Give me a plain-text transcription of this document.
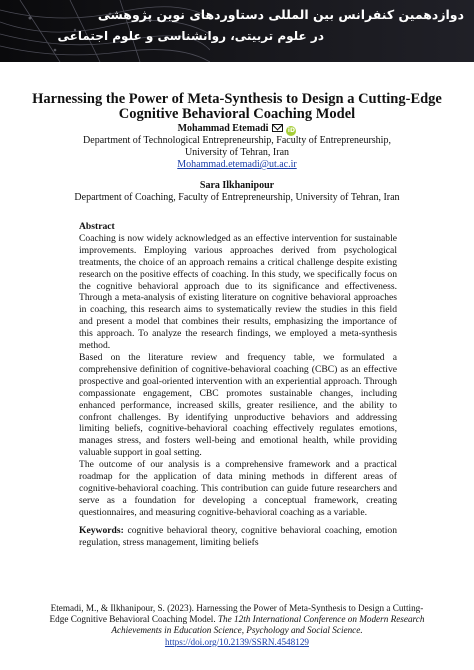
دوازدهمین کنفرانس بین المللی دستاوردهای نوین پژوهشی
در علوم تربیتی، روانشناسی و علوم اجتماعی
Harnessing the Power of Meta-Synthesis to Design a Cutting-Edge Cognitive Behavioral Coaching Model
Mohammad Etemadi	iD
Department of Technological Entrepreneurship, Faculty of Entrepreneurship,
University of Tehran, Iran
Mohammad.etemadi@ut.ac.ir
Sara Ilkhanipour
Department of Coaching, Faculty of Entrepreneurship, University of Tehran, Iran

Abstract

Coaching is now widely acknowledged as an effective intervention for sustainable improvements. Employing various approaches derived from psychological treatments, the choice of an approach remains a critical challenge despite existing research on the positive effects of coaching. In this study, we specifically focus on the cognitive behavioral approach due to its significance and effectiveness. Through a meta-analysis of existing literature on cognitive behavioral approaches in coaching, this research aims to systematically review the studies in this field and present a model that combines their results, emphasizing the importance of this approach. To analyze the research findings, we employed a meta-synthesis method.

Based on the literature review and frequency table, we formulated a comprehensive definition of cognitive-behavioral coaching (CBC) as an effective prospective and goal-oriented intervention with an experiential approach. Through compassionate engagement, CBC promotes sustainable changes, including enhanced performance, increased skills, greater resilience, and the ability to confront challenges. By identifying unproductive behaviors and addressing limiting beliefs, cognitive-behavioral coaching effectively regulates emotions, manages stress, and fosters well-being and emotional health, while providing valuable support in goal setting.

The outcome of our analysis is a comprehensive framework and a practical roadmap for the application of data mining methods in different areas of cognitive-behavioral coaching. This contribution can guide future researchers and serve as a foundation for developing a conceptual framework, creating questionnaires, and measuring cognitive-behavioral coaching as a variable.

Keywords: cognitive behavioral theory, cognitive behavioral coaching, emotion regulation, stress management, limiting beliefs

Etemadi, M., & Ilkhanipour, S. (2023). Harnessing the Power of Meta-Synthesis to Design a Cutting-Edge Cognitive Behavioral Coaching Model. The 12th International Conference on Modern Research Achievements in Education Science, Psychology and Social Science.
https://doi.org/10.2139/SSRN.4548129
